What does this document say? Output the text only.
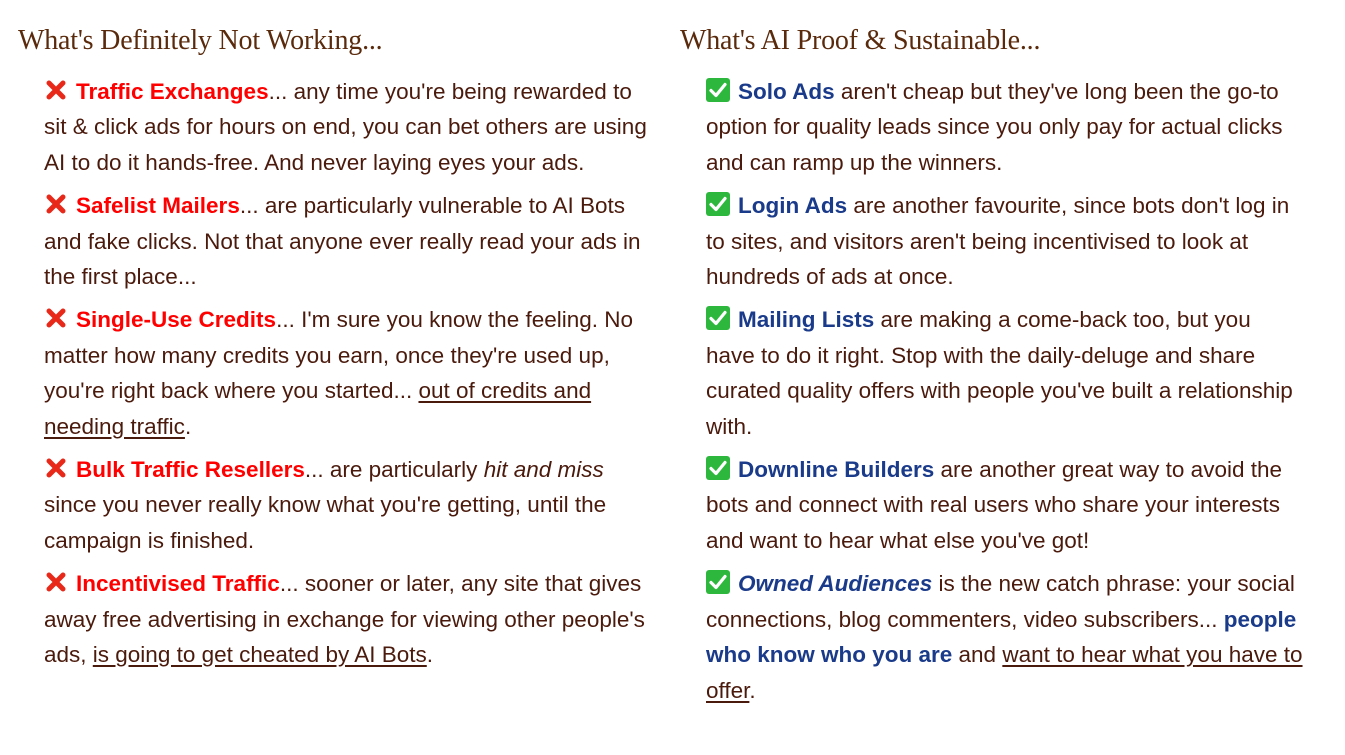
What's Definitely Not Working...
Traffic Exchanges... any time you're being rewarded to sit & click ads for hours on end, you can bet others are using AI to do it hands-free. And never laying eyes your ads.
Safelist Mailers... are particularly vulnerable to AI Bots and fake clicks. Not that anyone ever really read your ads in the first place...
Single-Use Credits... I'm sure you know the feeling. No matter how many credits you earn, once they're used up, you're right back where you started... out of credits and needing traffic.
Bulk Traffic Resellers... are particularly hit and miss since you never really know what you're getting, until the campaign is finished.
Incentivised Traffic... sooner or later, any site that gives away free advertising in exchange for viewing other people's ads, is going to get cheated by AI Bots.
What's AI Proof & Sustainable...
Solo Ads aren't cheap but they've long been the go-to option for quality leads since you only pay for actual clicks and can ramp up the winners.
Login Ads are another favourite, since bots don't log in to sites, and visitors aren't being incentivised to look at hundreds of ads at once.
Mailing Lists are making a come-back too, but you have to do it right. Stop with the daily-deluge and share curated quality offers with people you've built a relationship with.
Downline Builders are another great way to avoid the bots and connect with real users who share your interests and want to hear what else you've got!
Owned Audiences is the new catch phrase: your social connections, blog commenters, video subscribers... people who know who you are and want to hear what you have to offer.
